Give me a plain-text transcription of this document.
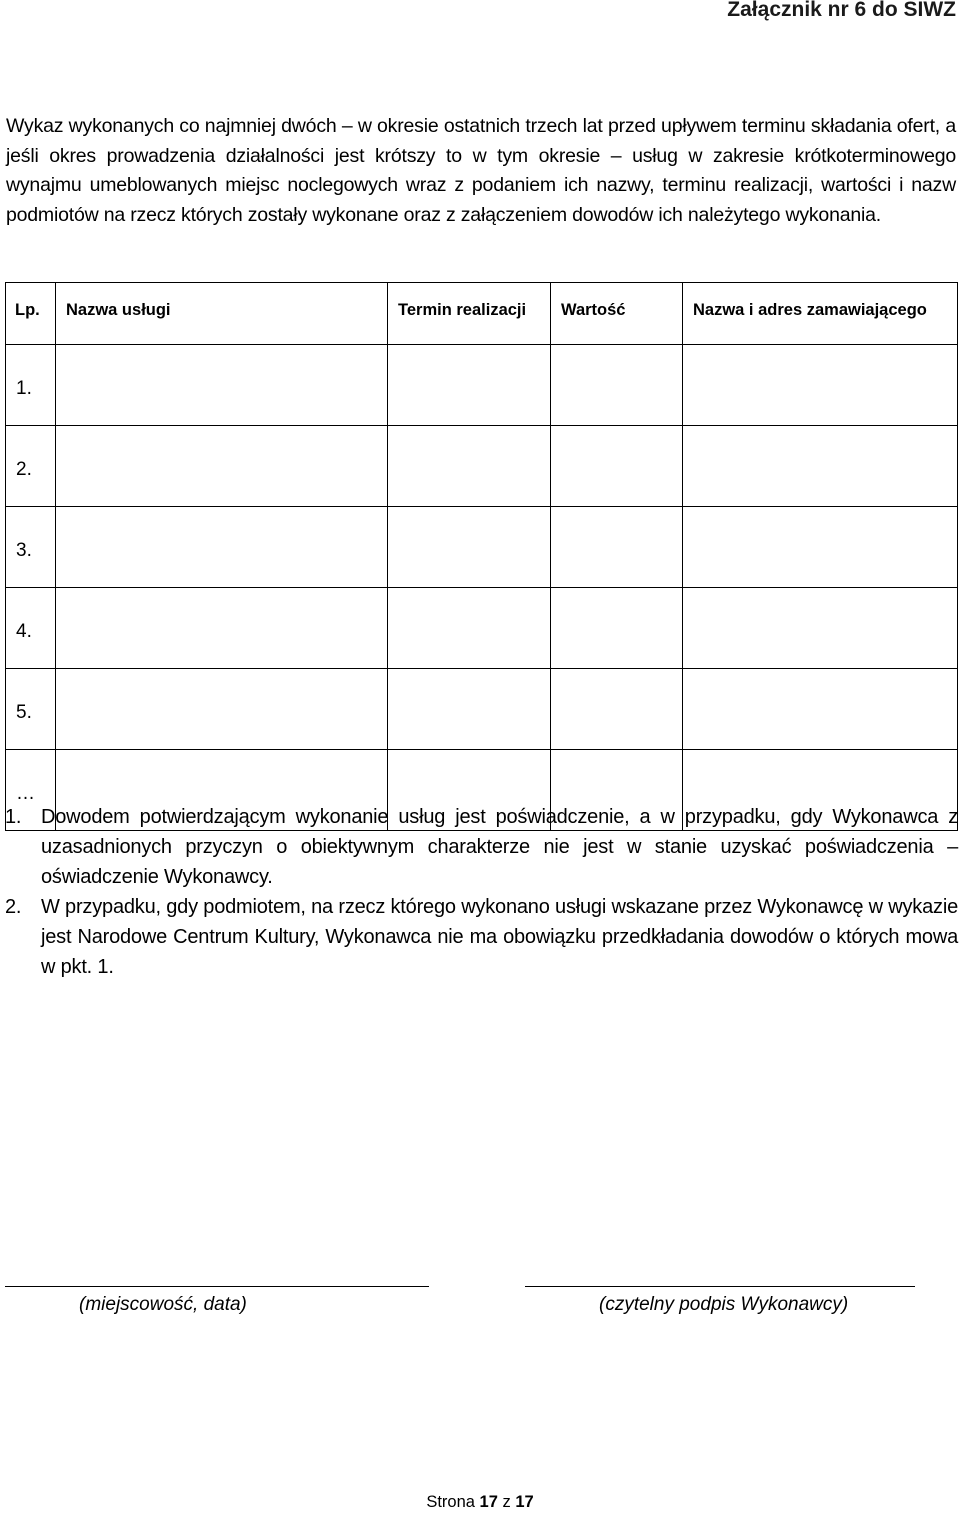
Załącznik nr 6 do SIWZ
Wykaz wykonanych co najmniej dwóch – w okresie ostatnich trzech lat przed upływem terminu składania ofert, a jeśli okres prowadzenia działalności jest krótszy to w tym okresie – usług w zakresie krótkoterminowego wynajmu umeblowanych miejsc noclegowych wraz z podaniem ich nazwy, terminu realizacji, wartości i nazw podmiotów na rzecz których zostały wykonane oraz z załączeniem dowodów ich należytego wykonania.
Lp.	Nazwa usługi	Termin realizacji	Wartość	Nazwa i adres zamawiającego
1.				
2.				
3.				
4.				
5.				
…				
1. Dowodem potwierdzającym wykonanie usług jest poświadczenie, a w przypadku, gdy Wykonawca z uzasadnionych przyczyn o obiektywnym charakterze nie jest w stanie uzyskać poświadczenia – oświadczenie Wykonawcy.
2. W przypadku, gdy podmiotem, na rzecz którego wykonano usługi wskazane przez Wykonawcę w wykazie jest Narodowe Centrum Kultury, Wykonawca nie ma obowiązku przedkładania dowodów o których mowa w pkt. 1.
(miejscowość, data)	(czytelny podpis Wykonawcy)
Strona 17 z 17
